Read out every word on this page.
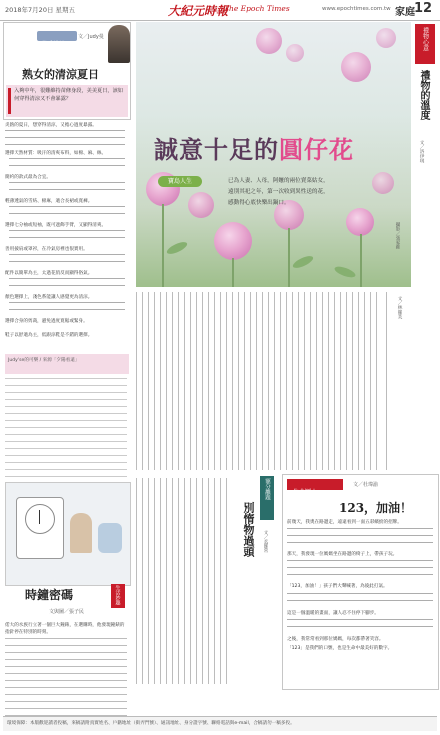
2018年7月20日 星期五	大紀元時報
The Epoch Times	www.epochtimes.com.tw 家庭 12
藤瓜雜談
文／Judy曼
熟女的清涼夏日
入夠中年，很難維持苗條身段，美美夏日，該如何穿得清涼又不會暴露？
炎熱的夏日，想穿得清涼，又擔心過度暴露。
選擇天然材質：吸汗的清爽布料，如棉、麻、絲。
簡約的款式最為合宜。
輕薄透氣的雪紡、棉麻，適合長裙或寬褲。
選擇七分袖或短袖，既可遮飾手臂，又顯得清爽。
善用披肩或罩衫，在冷氣房裡也很實用。
配件以簡單為主，太過花俏反而顯得俗氣。
顏色選擇上，淺色系能讓人感覺更為清涼。
選擇合身的剪裁，避免過度寬鬆或緊身。
鞋子以舒適為主，低跟涼鞋是不錯的選擇。
Judy'se的可樂 / 來源「夕陽看遠」
生活妙趣
時鐘密碼
文與圖／張子民
偌大的水族行立著一個巨大鐘錶，在選購時，他發現鐘錶的指針停在特別的時刻。
誠意十足的圓仔花
寶島人生	已為人妻、人母，阿嬤的兩位賣菜姑女，
遠別其祀之年，第一次收到異性送的花，
感動得心底快樂出鍋口。
攝影／張家維
禮物心意
禮物的溫度
文／洛伊琪
文／林羅芙
別惰物過頭
寵分離題
文／丞羅常
生命鬥士
文／杜瑋渝
123，加油！
前幾天，我奧在路邊走，遠遠看到一面五彩繽紛的招牌。
那天，我發現一位媽媽坐在路邊的椅子上，帶孩子玩。
「123，加油！」孩子們大聲喊著，為彼此打氣。
這是一個溫暖的畫面，讓人忍不住停下腳步。
之後，我常常看到那位媽媽，每次都帶著笑容。
「123」是我們的口號，也是生命中最美好的數字。
環境保障：本版歡迎讀者投稿，來稿請附真實姓名、戶籍地址（街弄門號）、通訊地址、身分證字號、聯絡電話與e-mail，合稿請勿一稿多投。
